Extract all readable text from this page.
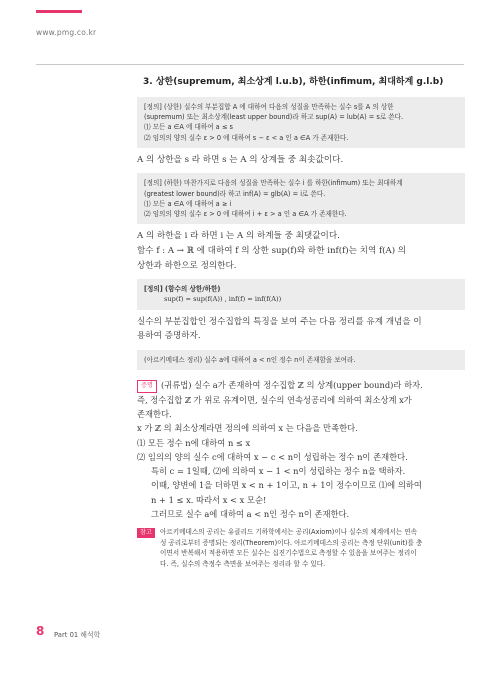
www.pmg.co.kr
3. 상한(supremum, 최소상계 l.u.b), 하한(infimum, 최대하계 g.l.b)
[정의] (상한) 실수의 부분집합 A 에 대하여 다음의 성질을 만족하는 실수 s를 A 의 상한
(supremum) 또는 최소상계(least upper bound)라 하고 sup(A) = lub(A) = s로 쓴다.
⑴ 모든 a ∈A 에 대하여 a ≤ s
⑵ 임의의 양의 실수 ε > 0 에 대하여 s − ε < a 인 a ∈A 가 존재한다.
A 의 상한을 s 라 하면 s 는 A 의 상계들 중 최솟값이다.
[정의] (하한) 마찬가지로 다음의 성질을 만족하는 실수 i 를 하한(infimum) 또는 최대하계
(greatest lower bound)라 하고 inf(A) = glb(A) = i로 쓴다.
⑴ 모든 a ∈A 에 대하여 a ≥ i
⑵ 임의의 양의 실수 ε > 0 에 대하여 i + ε > a 인 a ∈A 가 존재한다.
A 의 하한을 i 라 하면 i 는 A 의 하계들 중 최댓값이다.
함수 f : A → ℝ 에 대하여 f 의 상한 sup(f)와 하한 inf(f)는 치역 f(A) 의
상한과 하한으로 정의한다.
[정의] (함수의 상한/하한)
sup(f) = sup(f(A)) , inf(f) = inf(f(A))
실수의 부분집합인 정수집합의 특징을 보여 주는 다음 정리를 유계 개념을 이
용하여 증명하자.
(아르키메데스 정리) 실수 a에 대하여 a < n인 정수 n이 존재함을 보여라.
증명 (귀류법) 실수 a가 존재하여 정수집합 ℤ 의 상계(upper bound)라 하자.
즉, 정수집합 ℤ 가 위로 유계이면, 실수의 연속성공리에 의하여 최소상계 x가
존재한다.
x 가 ℤ 의 최소상계라면 정의에 의하여 x 는 다음을 만족한다.
⑴ 모든 정수 n에 대하여 n ≤ x
⑵ 임의의 양의 실수 c에 대하여 x − c < n이 성립하는 정수 n이 존재한다.
특히 c = 1일때, ⑵에 의하여 x − 1 < n이 성립하는 정수 n을 택하자.
이때, 양변에 1을 더하면 x < n + 1이고, n + 1이 정수이므로 ⑴에 의하여
n + 1 ≤ x. 따라서 x < x 모순!
그러므로 실수 a에 대하여 a < n인 정수 n이 존재한다.
참고	아르키메데스의 공리는 유클리드 기하학에서는 공리(Axiom)이나 실수의 체계에서는 연속
성 공리로부터 증명되는 정리(Theorem)이다. 아르키메데스의 공리는 측정 단위(unit)를 충
이면서 반복해서 적용하면 모든 실수는 십진기수법으로 측정할 수 있음을 보여주는 정리이
다. 즉, 실수의 측정수 측면을 보여주는 정리라 할 수 있다.
8 Part 01 해석학
